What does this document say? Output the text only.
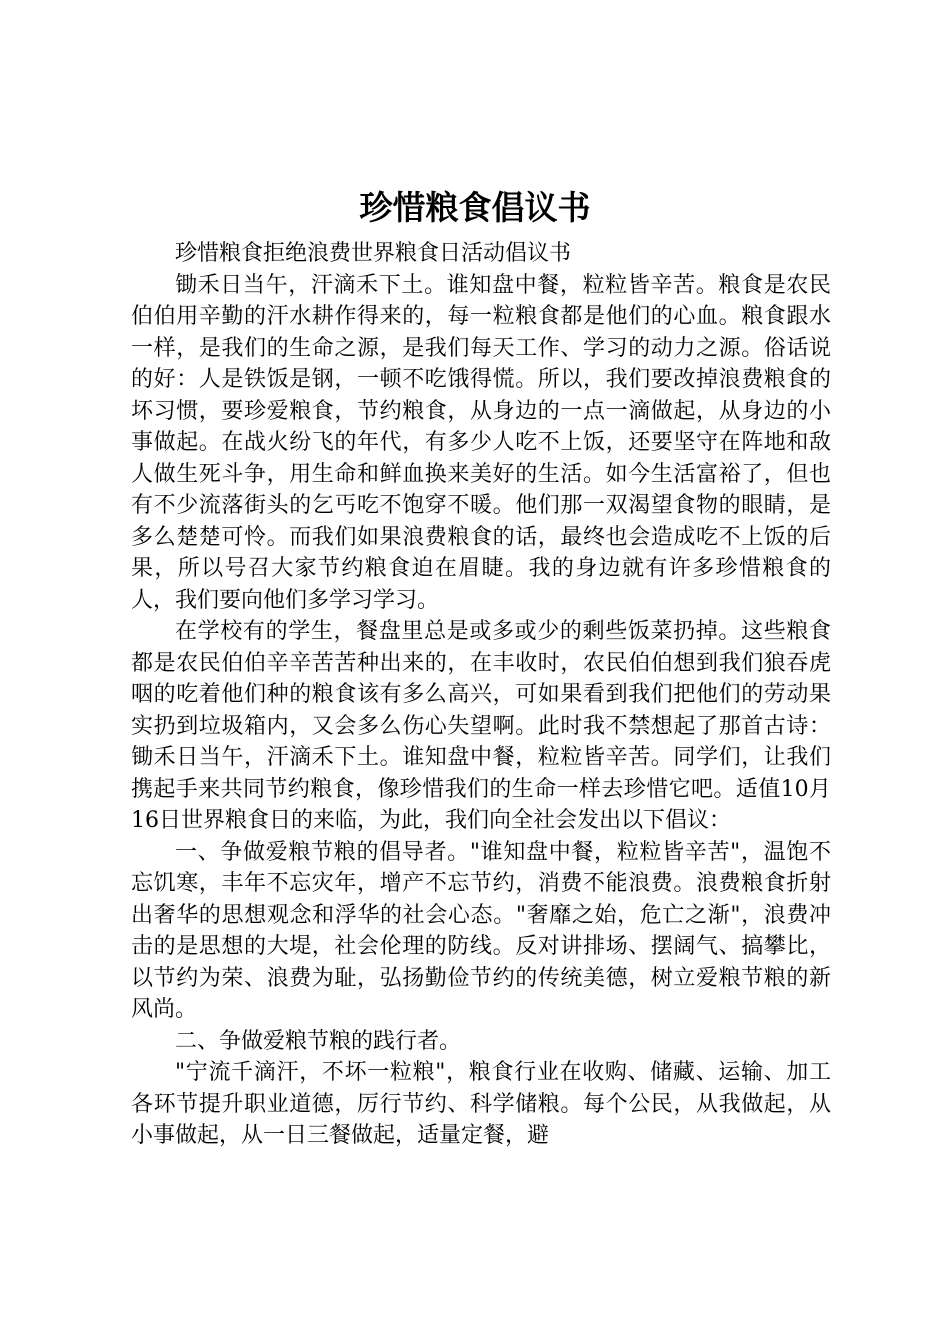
珍惜粮食倡议书

珍惜粮食拒绝浪费世界粮食日活动倡议书

锄禾日当午，汗滴禾下土。谁知盘中餐，粒粒皆辛苦。粮食是农民伯伯用辛勤的汗水耕作得来的，每一粒粮食都是他们的心血。粮食跟水一样，是我们的生命之源，是我们每天工作、学习的动力之源。俗话说的好：人是铁饭是钢，一顿不吃饿得慌。所以，我们要改掉浪费粮食的坏习惯，要珍爱粮食，节约粮食，从身边的一点一滴做起，从身边的小事做起。在战火纷飞的年代，有多少人吃不上饭，还要坚守在阵地和敌人做生死斗争，用生命和鲜血换来美好的生活。如今生活富裕了，但也有不少流落街头的乞丐吃不饱穿不暖。他们那一双渴望食物的眼睛，是多么楚楚可怜。而我们如果浪费粮食的话，最终也会造成吃不上饭的后果，所以号召大家节约粮食迫在眉睫。我的身边就有许多珍惜粮食的人，我们要向他们多学习学习。

在学校有的学生，餐盘里总是或多或少的剩些饭菜扔掉。这些粮食都是农民伯伯辛辛苦苦种出来的，在丰收时，农民伯伯想到我们狼吞虎咽的吃着他们种的粮食该有多么高兴，可如果看到我们把他们的劳动果实扔到垃圾箱内，又会多么伤心失望啊。此时我不禁想起了那首古诗：锄禾日当午，汗滴禾下土。谁知盘中餐，粒粒皆辛苦。同学们，让我们携起手来共同节约粮食，像珍惜我们的生命一样去珍惜它吧。适值10月16日世界粮食日的来临，为此，我们向全社会发出以下倡议：

一、争做爱粮节粮的倡导者。"谁知盘中餐，粒粒皆辛苦"，温饱不忘饥寒，丰年不忘灾年，增产不忘节约，消费不能浪费。浪费粮食折射出奢华的思想观念和浮华的社会心态。"奢靡之始，危亡之渐"，浪费冲击的是思想的大堤，社会伦理的防线。反对讲排场、摆阔气、搞攀比，以节约为荣、浪费为耻，弘扬勤俭节约的传统美德，树立爱粮节粮的新风尚。

二、争做爱粮节粮的践行者。

"宁流千滴汗，不坏一粒粮"，粮食行业在收购、储藏、运输、加工各环节提升职业道德，厉行节约、科学储粮。每个公民，从我做起，从小事做起，从一日三餐做起，适量定餐，避
